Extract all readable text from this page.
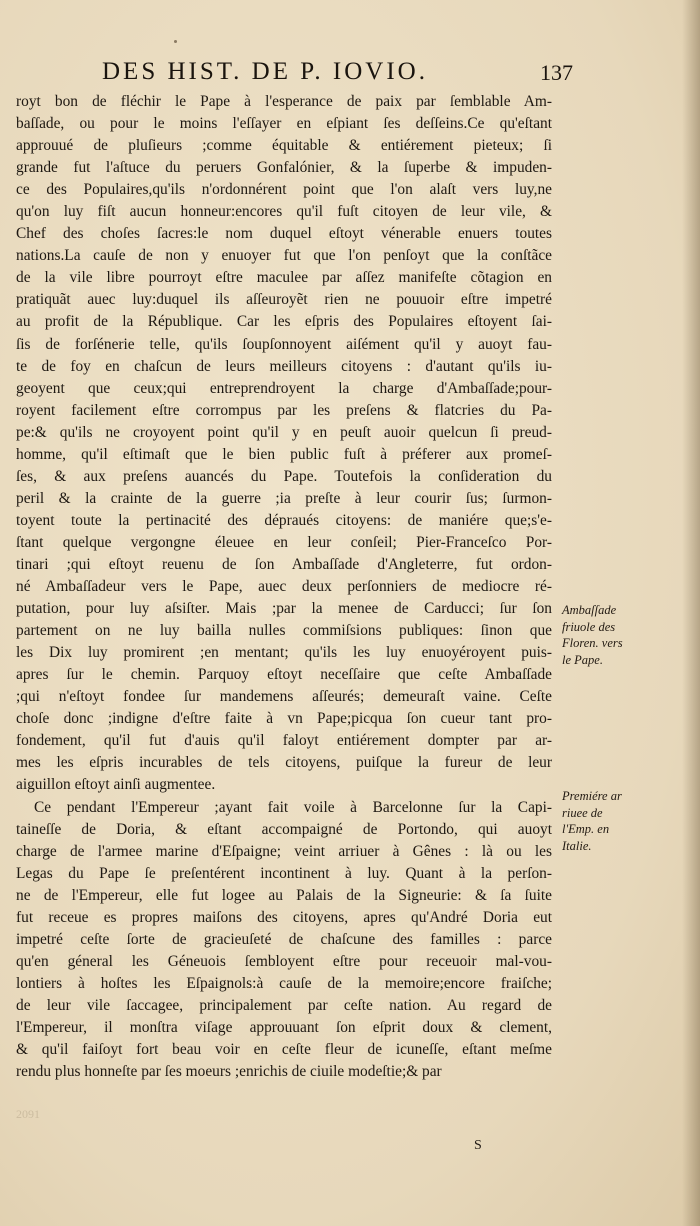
DES HIST. DE P. IOVIO.	137
royt bon de fléchir le Pape à l'esperance de paix par ſemblable Am-
baſſade, ou pour le moins l'eſſayer en eſpiant ſes deſſeins.Ce qu'eſtant
approuué de pluſieurs ;comme équitable & entiérement pieteux; ſi
grande fut l'aſtuce du peruers Gonfalónier, & la ſuperbe & impuden-
ce des Populaires,qu'ils n'ordonnérent point que l'on alaſt vers luy,ne
qu'on luy fiſt aucun honneur:encores qu'il fuſt citoyen de leur vile, &
Chef des choſes ſacres:le nom duquel eſtoyt vénerable enuers toutes
nations.La cauſe de non y enuoyer fut que l'on penſoyt que la conſtãce
de la vile libre pourroyt eſtre maculee par aſſez manifeſte cõtagion en
pratiquãt auec luy:duquel ils aſſeuroyẽt rien ne pouuoir eſtre impetré
au profit de la République. Car les eſpris des Populaires eſtoyent ſai-
ſis de forſénerie telle, qu'ils ſoupſonnoyent aiſément qu'il y auoyt fau-
te de foy en chaſcun de leurs meilleurs citoyens : d'autant qu'ils iu-
geoyent que ceux;qui entreprendroyent la charge d'Ambaſſade;pour-
royent facilement eſtre corrompus par les preſens & flatcries du Pa-
pe:& qu'ils ne croyoyent point qu'il y en peuſt auoir quelcun ſi preud-
homme, qu'il eſtimaſt que le bien public fuſt à préferer aux promeſ-
ſes, & aux preſens auancés du Pape. Toutefois la conſideration du
peril & la crainte de la guerre ;ia preſte à leur courir ſus; ſurmon-
toyent toute la pertinacité des dépraués citoyens: de maniére que;s'e-
ſtant quelque vergongne éleuee en leur conſeil; Pier-Franceſco Por-
tinari ;qui eſtoyt reuenu de ſon Ambaſſade d'Angleterre, fut ordon-
né Ambaſſadeur vers le Pape, auec deux perſonniers de mediocre ré-
putation, pour luy aſsiſter. Mais ;par la menee de Carducci; ſur ſon
partement on ne luy bailla nulles commiſsions publiques: ſinon que
les Dix luy promirent ;en mentant; qu'ils les luy enuoyéroyent puis-
apres ſur le chemin. Parquoy eſtoyt neceſſaire que ceſte Ambaſſade
;qui n'eſtoyt fondee ſur mandemens aſſeurés; demeuraſt vaine. Ceſte
choſe donc ;indigne d'eſtre faite à vn Pape;picqua ſon cueur tant pro-
fondement, qu'il fut d'auis qu'il faloyt entiérement dompter par ar-
mes les eſpris incurables de tels citoyens, puiſque la fureur de leur
aiguillon eſtoyt ainſi augmentee.
Ce pendant l'Empereur ;ayant fait voile à Barcelonne ſur la Capi-
taineſſe de Doria, & eſtant accompaigné de Portondo, qui auoyt
charge de l'armee marine d'Eſpaigne; veint arriuer à Gênes : là ou les
Legas du Pape ſe preſentérent incontinent à luy. Quant à la perſon-
ne de l'Empereur, elle fut logee au Palais de la Signeurie: & ſa ſuite
fut receue es propres maiſons des citoyens, apres qu'André Doria eut
impetré ceſte ſorte de gracieuſeté de chaſcune des familles : parce
qu'en géneral les Géneuois ſembloyent eſtre pour receuoir mal-vou-
lontiers à hoſtes les Eſpaignols:à cauſe de la memoire;encore fraiſche;
de leur vile ſaccagee, principalement par ceſte nation. Au regard de
l'Empereur, il monſtra viſage approuuant ſon eſprit doux & clement,
& qu'il faiſoyt fort beau voir en ceſte fleur de icuneſſe, eſtant meſme
rendu plus honneſte par ſes moeurs ;enrichis de ciuile modeſtie;& par
Ambaſſade
friuole des
Floren. vers
le Pape.
Premiére ar
riuee de
l'Emp. en
Italie.
2091
S
